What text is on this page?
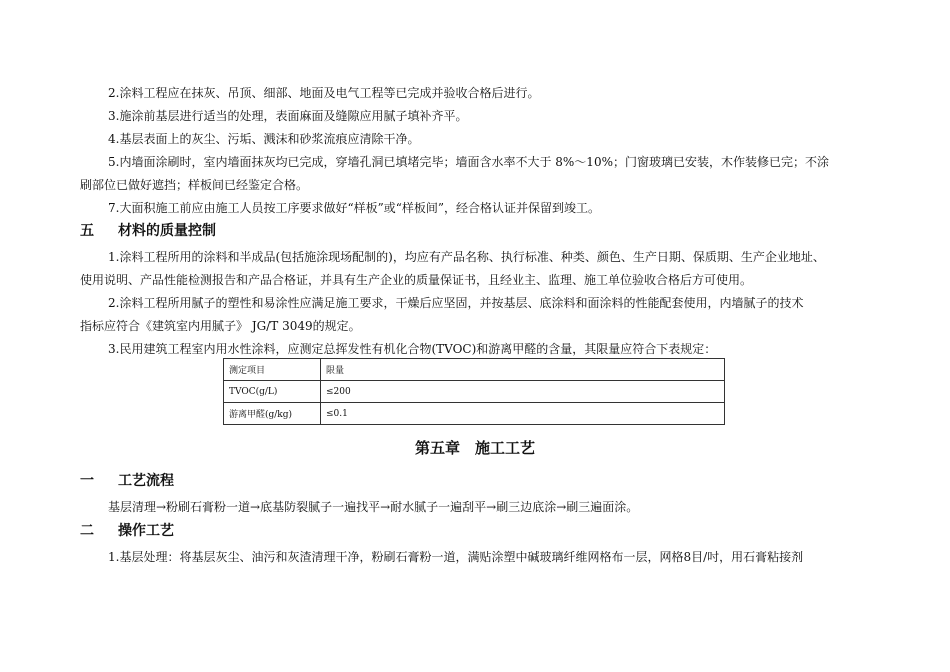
2.涂料工程应在抹灰、吊顶、细部、地面及电气工程等已完成并验收合格后进行。
3.施涂前基层进行适当的处理，表面麻面及缝隙应用腻子填补齐平。
4.基层表面上的灰尘、污垢、溅沫和砂浆流痕应清除干净。
5.内墙面涂刷时，室内墙面抹灰均已完成，穿墙孔洞已填堵完毕；墙面含水率不大于 8%～10%；门窗玻璃已安装，木作装修已完；不涂
刷部位已做好遮挡；样板间已经鉴定合格。
7.大面积施工前应由施工人员按工序要求做好“样板”或“样板间”，经合格认证并保留到竣工。
五 材料的质量控制
1.涂料工程所用的涂料和半成品(包括施涂现场配制的)，均应有产品名称、执行标准、种类、颜色、生产日期、保质期、生产企业地址、
使用说明、产品性能检测报告和产品合格证，并具有生产企业的质量保证书，且经业主、监理、施工单位验收合格后方可使用。
2.涂料工程所用腻子的塑性和易涂性应满足施工要求，干燥后应坚固，并按基层、底涂料和面涂料的性能配套使用，内墙腻子的技术
指标应符合《建筑室内用腻子》 JG/T 3049的规定。
3.民用建筑工程室内用水性涂料，应测定总挥发性有机化合物(TVOC)和游离甲醛的含量，其限量应符合下表规定：
测定项目	限量
TVOC(g/L)	≤200
游离甲醛(g/kg)	≤0.1
第五章　施工工艺
一 工艺流程
基层清理→粉刷石膏粉一道→底基防裂腻子一遍找平→耐水腻子一遍刮平→刷三边底涂→刷三遍面涂。
二 操作工艺
1.基层处理：将基层灰尘、油污和灰渣清理干净，粉刷石膏粉一道，满贴涂塑中碱玻璃纤维网格布一层，网格8目/吋，用石膏粘接剂
